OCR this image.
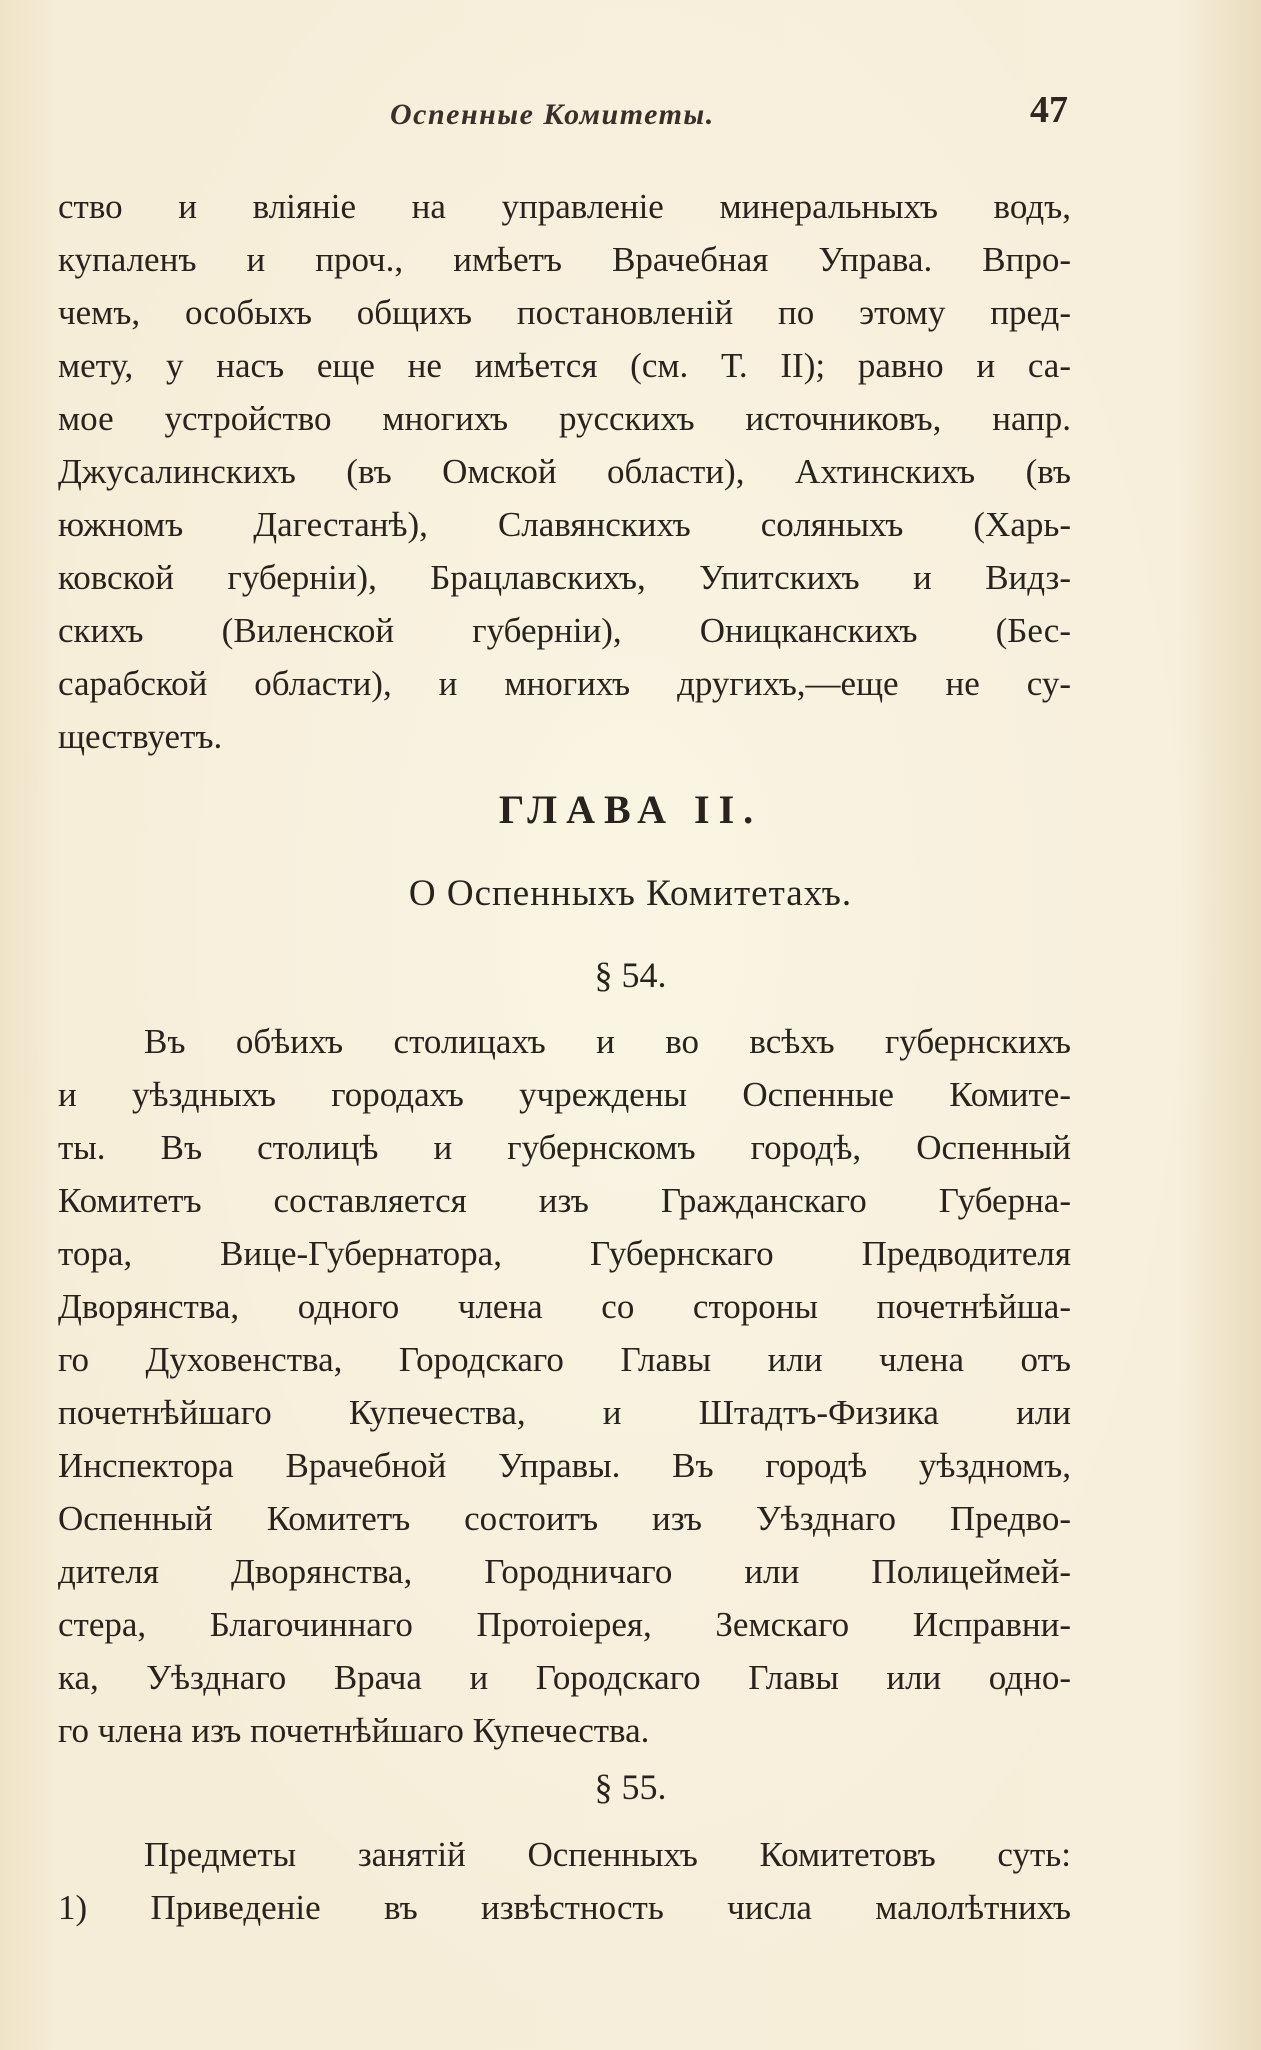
Оспенные Комитеты.	47
ство и влiянiе на управленiе минеральныхъ водъ,
купаленъ и проч., имѣетъ Врачебная Управа. Впро-
чемъ, особыхъ общихъ постановленiй по этому пред-
мету, у насъ еще не имѣется (см. Т. II); равно и са-
мое устройство многихъ русскихъ источниковъ, напр.
Джусалинскихъ (въ Омской области), Ахтинскихъ (въ
южномъ Дагестанѣ), Славянскихъ соляныхъ (Харь-
ковской губернiи), Брацлавскихъ, Упитскихъ и Видз-
скихъ (Виленской губернiи), Оницканскихъ (Бес-
сарабской области), и многихъ другихъ,—еще не су-
ществуетъ.
ГЛАВА II.
О Оспенныхъ Комитетахъ.
§ 54.
Въ обѣихъ столицахъ и во всѣхъ губернскихъ
и уѣздныхъ городахъ учреждены Оспенные Комите-
ты. Въ столицѣ и губернскомъ городѣ, Оспенный
Комитетъ составляется изъ Гражданскаго Губерна-
тора, Вице-Губернатора, Губернскаго Предводителя
Дворянства, одного члена со стороны почетнѣйша-
го Духовенства, Городскаго Главы или члена отъ
почетнѣйшаго Купечества, и Штадтъ-Физика или
Инспектора Врачебной Управы. Въ городѣ уѣздномъ,
Оспенный Комитетъ состоитъ изъ Уѣзднаго Предво-
дителя Дворянства, Городничаго или Полицеймей-
стера, Благочиннаго Протоiерея, Земскаго Исправни-
ка, Уѣзднаго Врача и Городскаго Главы или одно-
го члена изъ почетнѣйшаго Купечества.
§ 55.
Предметы занятiй Оспенныхъ Комитетовъ суть:
1) Приведенiе въ извѣстность числа малолѣтнихъ
